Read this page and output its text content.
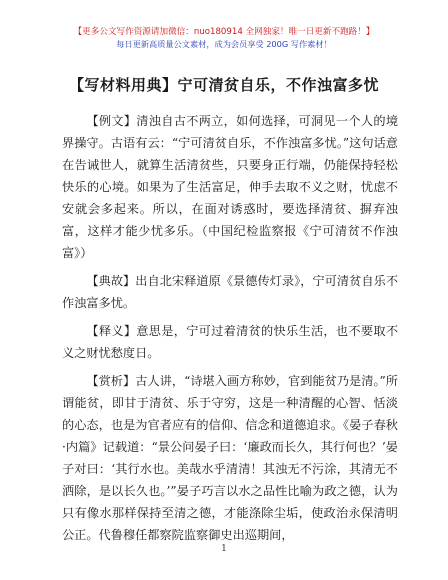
【更多公文写作资源请加微信：nuo180914 全网独家！唯一日更新不跑路！】
每日更新高质量公文素材，成为会员享受 200G 写作素材！
【写材料用典】宁可清贫自乐，不作浊富多忧

【例文】清浊自古不两立，如何选择，可洞见一个人的境界操守。古语有云：“宁可清贫自乐，不作浊富多忧。”这句话意在告诫世人，就算生活清贫些，只要身正行端，仍能保持轻松快乐的心境。如果为了生活富足，伸手去取不义之财，忧虑不安就会多起来。所以，在面对诱惑时，要选择清贫、摒弃浊富，这样才能少忧多乐。（中国纪检监察报《宁可清贫不作浊富》）

【典故】出自北宋释道原《景德传灯录》，宁可清贫自乐不作浊富多忧。

【释义】意思是，宁可过着清贫的快乐生活，也不要取不义之财忧愁度日。

【赏析】古人讲，“诗堪入画方称妙，官到能贫乃是清。”所谓能贫，即甘于清贫、乐于守穷，这是一种清醒的心智、恬淡的心态，也是为官者应有的信仰、信念和道德追求。《晏子春秋·内篇》记载道：“景公问晏子曰：‘廉政而长久，其行何也？’晏子对曰：‘其行水也。美哉水乎清清！其浊无不污涂，其清无不洒除，是以长久也。’”晏子巧言以水之品性比喻为政之德，认为只有像水那样保持至清之德，才能涤除尘垢，使政治永保清明公正。代鲁穆任都察院监察御史出巡期间，

1
